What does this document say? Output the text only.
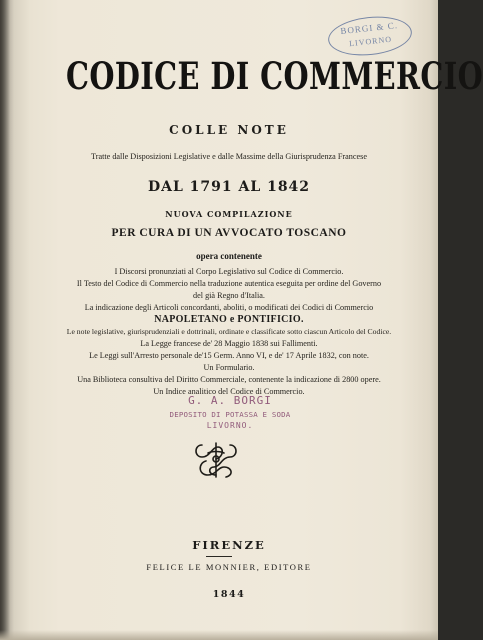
BORGI & C.
LIVORNO
CODICE DI COMMERCIO
COLLE NOTE
Tratte dalle Disposizioni Legislative e dalle Massime della Giurisprudenza Francese
DAL 1791 AL 1842
NUOVA COMPILAZIONE
PER CURA DI UN AVVOCATO TOSCANO
opera contenente
I Discorsi pronunziati al Corpo Legislativo sul Codice di Commercio.
Il Testo del Codice di Commercio nella traduzione autentica eseguita per ordine del Governo
del già Regno d'Italia.
La indicazione degli Articoli concordanti, aboliti, o modificati dei Codici di Commercio
NAPOLETANO e PONTIFICIO.
Le note legislative, giurisprudenziali e dottrinali, ordinate e classificate sotto ciascun Articolo del Codice.
La Legge francese de' 28 Maggio 1838 sui Fallimenti.
Le Leggi sull'Arresto personale de'15 Germ. Anno VI, e de' 17 Aprile 1832, con note.
Un Formulario.
Una Biblioteca consultiva del Diritto Commerciale, contenente la indicazione di 2800 opere.
Un Indice analitico del Codice di Commercio.
G. A. BORGI
DEPOSITO DI POTASSA E SODA
LIVORNO.
FIRENZE
FELICE LE MONNIER, EDITORE
1844
